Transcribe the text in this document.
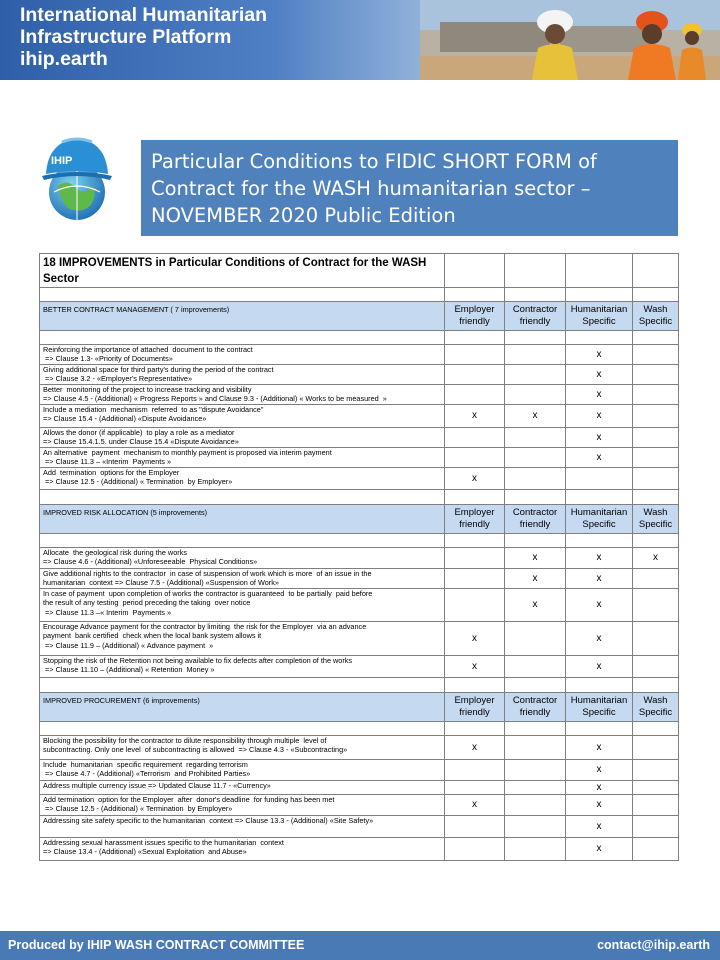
International Humanitarian
Infrastructure Platform
ihip.earth
IHIP	Particular Conditions to FIDIC SHORT FORM of Contract for the WASH humanitarian sector – NOVEMBER 2020 Public Edition
18 IMPROVEMENTS in Particular Conditions of Contract for the WASH Sector				

BETTER CONTRACT MANAGEMENT ( 7 improvements)	Employer friendly	Contractor friendly	Humanitarian Specific	Wash Specific

Reinforcing the importance of attached  document to the contract
=> Clause 1.3- «Priority of Documents»			x	

Giving additional space for third party's during the period of the contract
=> Clause 3.2 - «Employer's Representative»			x	

Better  monitoring of the project to increase tracking and visibility
=> Clause 4.5 - (Additional) « Progress Reports » and Clause 9.3 - (Additional) « Works to be measured  »			x	

Include a mediation  mechanism  referred  to as "dispute Avoidance"
=> Clause 15.4 - (Additional) «Dispute Avoidance»	x	x	x	

Allows the donor (if applicable)  to play a role as a mediator
=> Clause 15.4.1.5. under Clause 15.4 «Dispute Avoidance»			x	

An alternative  payment  mechanism to monthly payment is proposed via interim payment
=> Clause 11.3 – «Interim  Payments »			x	

Add  termination  options for the Employer
=> Clause 12.5 - (Additional) « Termination  by Employer»	x			

IMPROVED RISK ALLOCATION (5 improvements)	Employer friendly	Contractor friendly	Humanitarian Specific	Wash Specific

Allocate  the geological risk during the works
=> Clause 4.6 - (Additional) «Unforeseeable  Physical Conditions»		x	x	x

Give additional rights to the contractor  in case of suspension of work which is more  of an issue in the
humanitarian  context => Clause 7.5 - (Additional) «Suspension of Work»		x	x	

In case of payment  upon completion of works the contractor is guaranteed  to be partially  paid before
the result of any testing  period preceding the taking  over notice
=> Clause 11.3 –« Interim  Payments »		x	x	

Encourage Advance payment for the contractor by limiting  the risk for the Employer  via an advance
payment  bank certified  check when the local bank system allows it
=> Clause 11.9 – (Additional) « Advance payment  »	x		x	

Stopping the risk of the Retention not being available to fix defects after completion of the works
=> Clause 11.10 – (Additional) « Retention  Money »	x		x	

IMPROVED PROCUREMENT (6 improvements)	Employer friendly	Contractor friendly	Humanitarian Specific	Wash Specific

Blocking the possibility for the contractor to dilute responsibility through multiple  level of
subcontracting. Only one level  of subcontracting is allowed  => Clause 4.3 - «Subcontracting»	x		x	

Include  humanitarian  specific requirement  regarding terrorism
=> Clause 4.7 - (Additional) «Terrorism  and Prohibited Parties»			x	

Address multiple currency issue => Updated Clause 11.7 - «Currency»			x	

Add termination  option for the Employer  after  donor's deadline  for funding has been met
=> Clause 12.5 - (Additional) « Termination  by Employer»	x		x	

Addressing site safety specific to the humanitarian  context => Clause 13.3 - (Additional) «Site Safety»			x	

Addressing sexual harassment issues specific to the humanitarian  context
=> Clause 13.4 - (Additional) «Sexual Exploitation  and Abuse»			x	
Produced by IHIP WASH CONTRACT COMMITTEE	contact@ihip.earth
